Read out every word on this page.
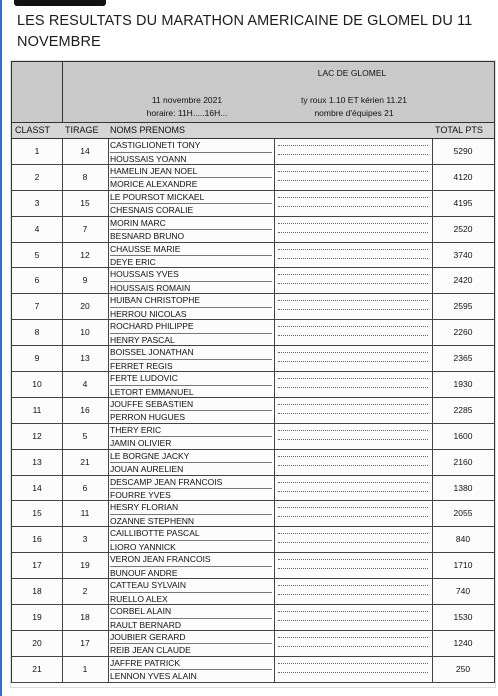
LES RESULTATS DU MARATHON AMERICAINE DE GLOMEL DU 11 NOVEMBRE
LAC DE GLOMEL
11 novembre 2021
horaire: 11H.....16H...
ty roux 1.10 ET kérien 11.21
nombre d'équipes 21
CLASST TIRAGE NOMS PRENOMS	TOTAL PTS
1	14
CASTIGLIONETI TONY
HOUSSAIS YOANN
5290
2	8
HAMELIN JEAN NOEL
MORICE ALEXANDRE
4120
3	15
LE POURSOT MICKAEL
CHESNAIS CORALIE
4195
4	7
MORIN MARC
BESNARD BRUNO
2520
5	12
CHAUSSE MARIE
DEYE ERIC
3740
6	9
HOUSSAIS YVES
HOUSSAIS ROMAIN
2420
7	20
HUIBAN CHRISTOPHE
HERROU NICOLAS
2595
8	10
ROCHARD PHILIPPE
HENRY PASCAL
2260
9	13
BOISSEL JONATHAN
FERRET REGIS
2365
10	4
FERTE LUDOVIC
LETORT EMMANUEL
1930
11	16
JOUFFE SEBASTIEN
PERRON HUGUES
2285
12	5
THERY ERIC
JAMIN OLIVIER
1600
13	21
LE BORGNE JACKY
JOUAN AURELIEN
2160
14	6
DESCAMP JEAN FRANCOIS
FOURRE YVES
1380
15	11
HESRY FLORIAN
OZANNE STEPHENN
2055
16	3
CAILLIBOTTE PASCAL
LIORO YANNICK
840
17	19
VERON JEAN FRANCOIS
BUNOUF ANDRE
1710
18	2
CATTEAU SYLVAIN
RUELLO ALEX
740
19	18
CORBEL ALAIN
RAULT BERNARD
1530
20	17
JOUBIER GERARD
REIB JEAN CLAUDE
1240
21	1
JAFFRE PATRICK
LENNON YVES ALAIN
250
